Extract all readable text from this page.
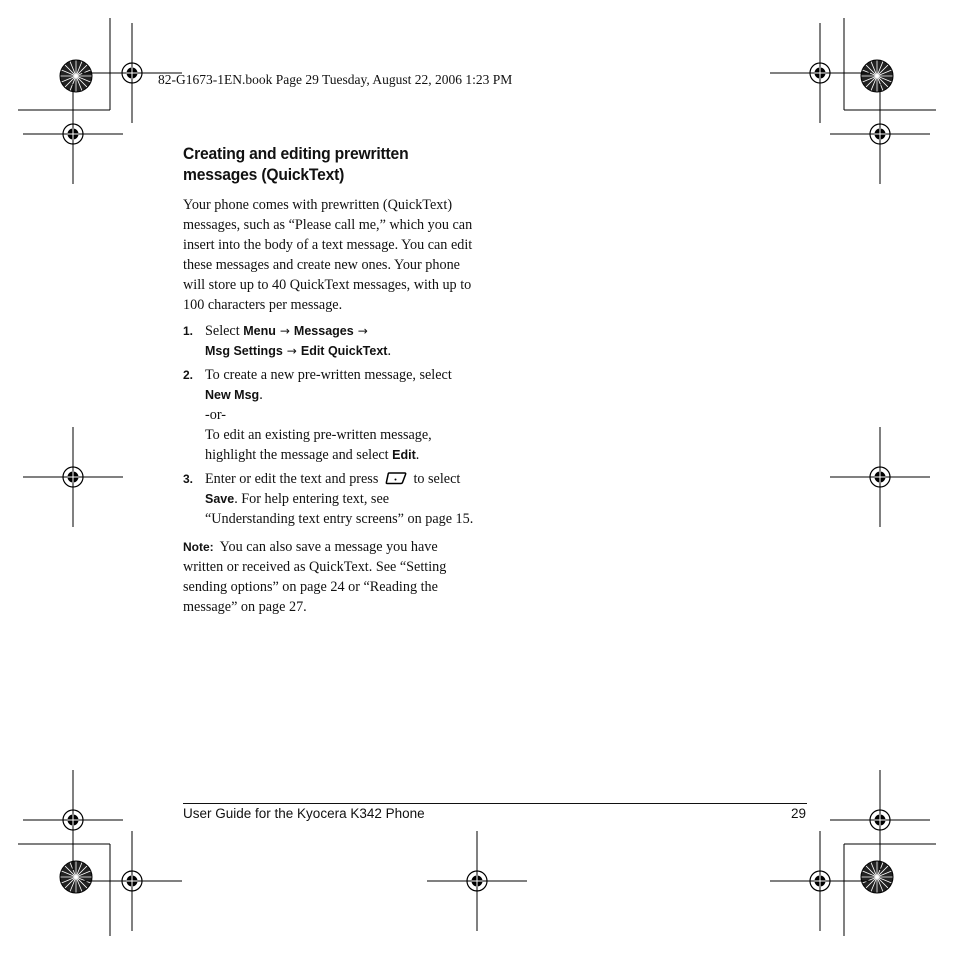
82-G1673-1EN.book Page 29 Tuesday, August 22, 2006 1:23 PM
Creating and editing prewritten messages (QuickText)

Your phone comes with prewritten (QuickText) messages, such as “Please call me,” which you can insert into the body of a text message. You can edit these messages and create new ones. Your phone will store up to 40 QuickText messages, with up to 100 characters per message.

1. Select Menu → Messages →
Msg Settings → Edit QuickText.
2. To create a new pre-written message, select New Msg.
-or-
To edit an existing pre-written message, highlight the message and select Edit.
3. Enter or edit the text and press to select Save. For help entering text, see “Understanding text entry screens” on page 15.

Note: You can also save a message you have written or received as QuickText. See “Setting sending options” on page 24 or “Reading the message” on page 27.

User Guide for the Kyocera K342 Phone	29
